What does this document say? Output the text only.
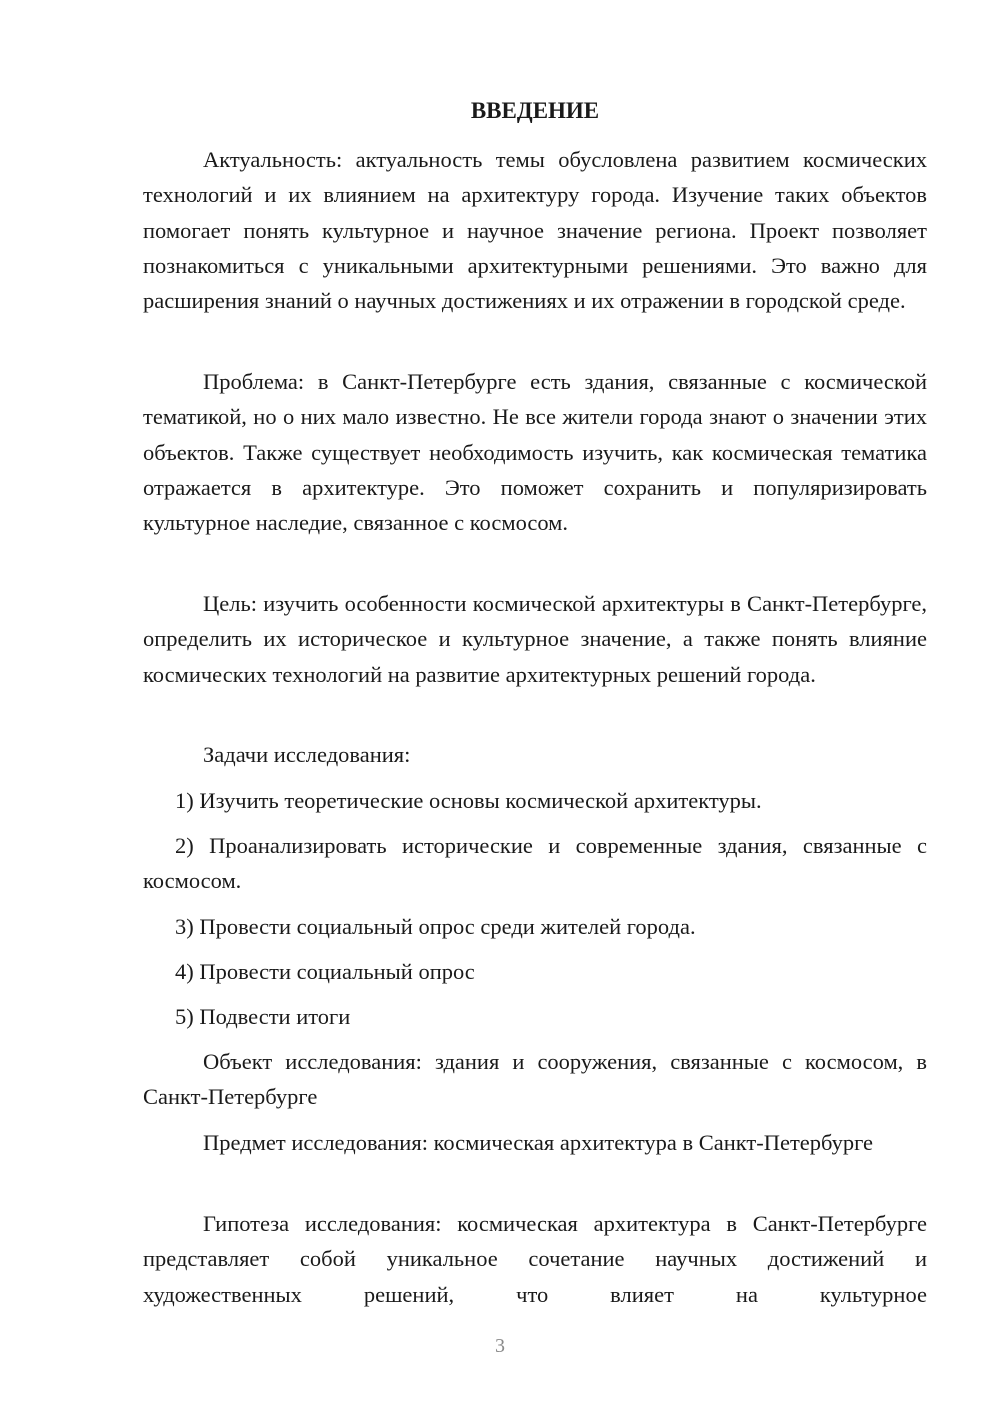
ВВЕДЕНИЕ

Актуальность: актуальность темы обусловлена развитием космических технологий и их влиянием на архитектуру города. Изучение таких объектов помогает понять культурное и научное значение региона. Проект позволяет познакомиться с уникальными архитектурными решениями. Это важно для расширения знаний о научных достижениях и их отражении в городской среде.

Проблема: в Санкт-Петербурге есть здания, связанные с космической тематикой, но о них мало известно. Не все жители города знают о значении этих объектов. Также существует необходимость изучить, как космическая тематика отражается в архитектуре. Это поможет сохранить и популяризировать культурное наследие, связанное с космосом.

Цель: изучить особенности космической архитектуры в Санкт-Петербурге, определить их историческое и культурное значение, а также понять влияние космических технологий на развитие архитектурных решений города.

Задачи исследования:

1) Изучить теоретические основы космической архитектуры.

2) Проанализировать исторические и современные здания, связанные с космосом.

3) Провести социальный опрос среди жителей города.

4) Провести социальный опрос

5) Подвести итоги

Объект исследования: здания и сооружения, связанные с космосом, в Санкт-Петербурге

Предмет исследования: космическая архитектура в Санкт-Петербурге

Гипотеза исследования: космическая архитектура в Санкт-Петербурге представляет собой уникальное сочетание научных достижений и художественных решений, что влияет на культурное

3
